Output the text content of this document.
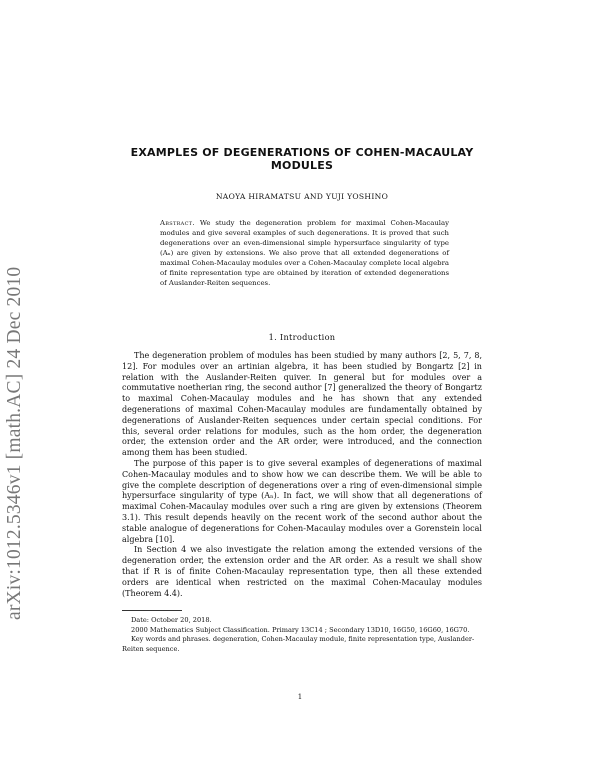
arXiv:1012.5346v1 [math.AC] 24 Dec 2010
EXAMPLES OF DEGENERATIONS OF COHEN-MACAULAY
MODULES
NAOYA HIRAMATSU AND YUJI YOSHINO
Abstract. We study the degeneration problem for maximal Cohen-Macaulay modules and give several examples of such degenerations. It is proved that such degenerations over an even-dimensional simple hypersurface singularity of type (Aₙ) are given by extensions. We also prove that all extended degenerations of maximal Cohen-Macaulay modules over a Cohen-Macaulay complete local algebra of finite representation type are obtained by iteration of extended degenerations of Auslander-Reiten sequences.
1. Introduction

The degeneration problem of modules has been studied by many authors [2, 5, 7, 8, 12]. For modules over an artinian algebra, it has been studied by Bongartz [2] in relation with the Auslander-Reiten quiver. In general but for modules over a commutative noetherian ring, the second author [7] generalized the theory of Bongartz to maximal Cohen-Macaulay modules and he has shown that any extended degenerations of maximal Cohen-Macaulay modules are fundamentally obtained by degenerations of Auslander-Reiten sequences under certain special conditions. For this, several order relations for modules, such as the hom order, the degeneration order, the extension order and the AR order, were introduced, and the connection among them has been studied.

The purpose of this paper is to give several examples of degenerations of maximal Cohen-Macaulay modules and to show how we can describe them. We will be able to give the complete description of degenerations over a ring of even-dimensional simple hypersurface singularity of type (Aₙ). In fact, we will show that all degenerations of maximal Cohen-Macaulay modules over such a ring are given by extensions (Theorem 3.1). This result depends heavily on the recent work of the second author about the stable analogue of degenerations for Cohen-Macaulay modules over a Gorenstein local algebra [10].

In Section 4 we also investigate the relation among the extended versions of the degeneration order, the extension order and the AR order. As a result we shall show that if R is of finite Cohen-Macaulay representation type, then all these extended orders are identical when restricted on the maximal Cohen-Macaulay modules (Theorem 4.4).

Date: October 20, 2018.

2000 Mathematics Subject Classification. Primary 13C14 ; Secondary 13D10, 16G50, 16G60, 16G70.

Key words and phrases. degeneration, Cohen-Macaulay module, finite representation type, Auslander-Reiten sequence.

1
